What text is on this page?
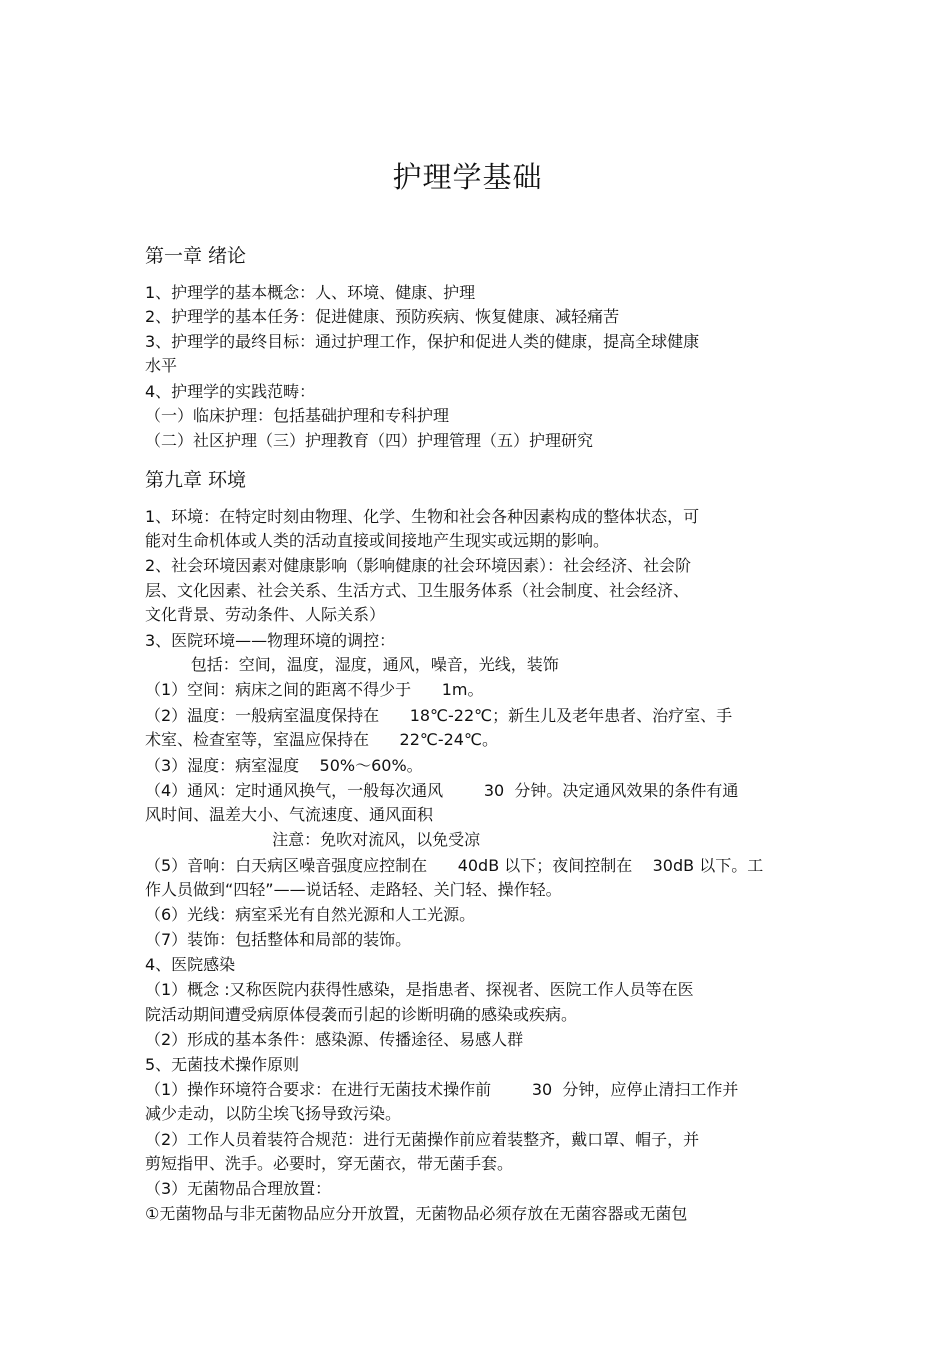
护理学基础
第一章 绪论
1、护理学的基本概念：人、环境、健康、护理
2、护理学的基本任务：促进健康、预防疾病、恢复健康、减轻痛苦
3、护理学的最终目标：通过护理工作，保护和促进人类的健康，提高全球健康
水平
4、护理学的实践范畴：
（一）临床护理：包括基础护理和专科护理
（二）社区护理（三）护理教育（四）护理管理（五）护理研究
第九章 环境
1、环境：在特定时刻由物理、化学、生物和社会各种因素构成的整体状态，可
能对生命机体或人类的活动直接或间接地产生现实或远期的影响。
2、社会环境因素对健康影响（影响健康的社会环境因素）：社会经济、社会阶
层、文化因素、社会关系、生活方式、卫生服务体系（社会制度、社会经济、
文化背景、劳动条件、人际关系）
3、医院环境——物理环境的调控：
包括：空间，温度，湿度，通风，噪音，光线，装饰
（1）空间：病床之间的距离不得少于      1m。
（2）温度：一般病室温度保持在      18℃-22℃；新生儿及老年患者、治疗室、手
术室、检查室等，室温应保持在      22℃-24℃。
（3）湿度：病室湿度    50%～60%。
（4）通风：定时通风换气，一般每次通风        30  分钟。决定通风效果的条件有通
风时间、温差大小、气流速度、通风面积
注意：免吹对流风，以免受凉
（5）音响：白天病区噪音强度应控制在      40dB 以下；夜间控制在    30dB 以下。工
作人员做到“四轻”——说话轻、走路轻、关门轻、操作轻。
（6）光线：病室采光有自然光源和人工光源。
（7）装饰：包括整体和局部的装饰。
4、医院感染
（1）概念 :又称医院内获得性感染，是指患者、探视者、医院工作人员等在医
院活动期间遭受病原体侵袭而引起的诊断明确的感染或疾病。
（2）形成的基本条件：感染源、传播途径、易感人群
5、无菌技术操作原则
（1）操作环境符合要求：在进行无菌技术操作前        30  分钟，应停止清扫工作并
减少走动，以防尘埃飞扬导致污染。
（2）工作人员着装符合规范：进行无菌操作前应着装整齐，戴口罩、帽子，并
剪短指甲、洗手。必要时，穿无菌衣，带无菌手套。
（3）无菌物品合理放置：
①无菌物品与非无菌物品应分开放置，无菌物品必须存放在无菌容器或无菌包
